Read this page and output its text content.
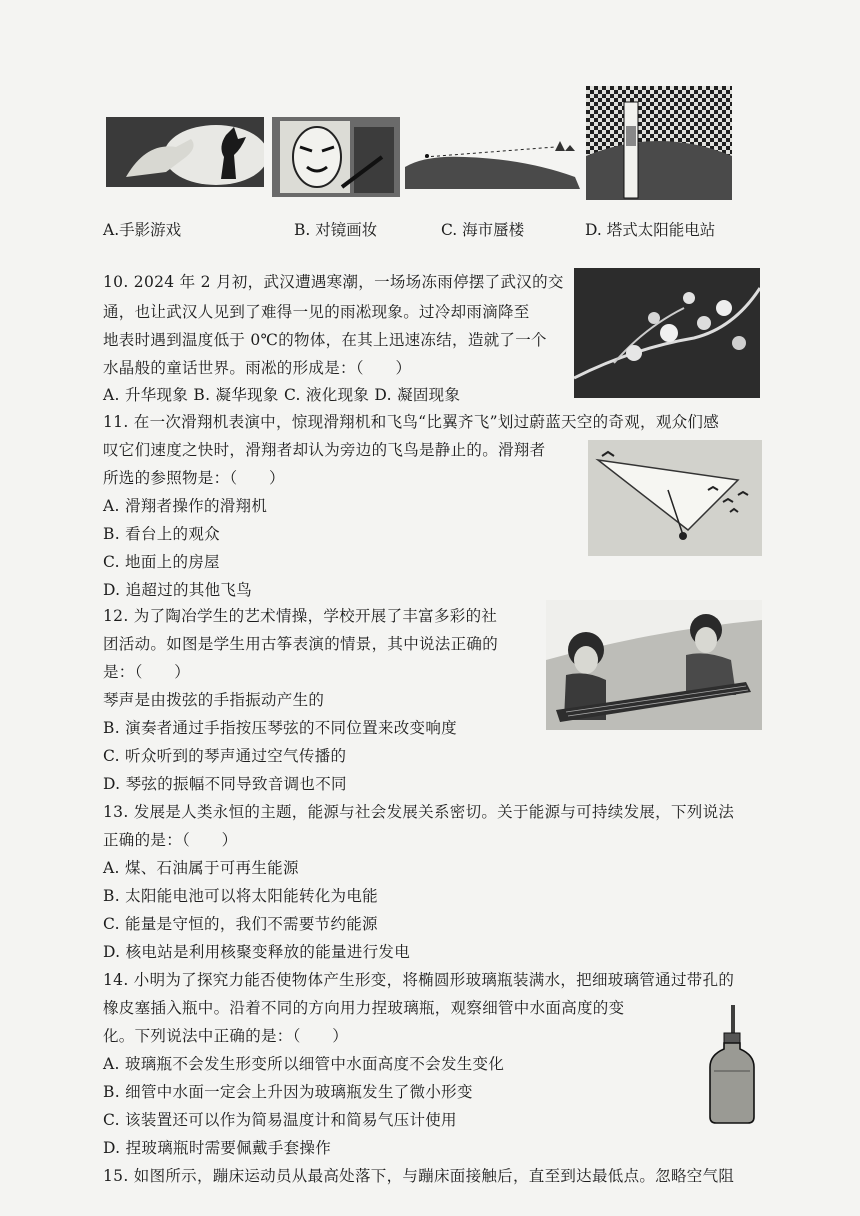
A.手影游戏	B. 对镜画妆	C. 海市蜃楼	D. 塔式太阳能电站
10. 2024 年 2 月初，武汉遭遇寒潮，一场场冻雨停摆了武汉的交
通，也让武汉人见到了难得一见的雨凇现象。过冷却雨滴降至
地表时遇到温度低于 0℃的物体，在其上迅速冻结，造就了一个
水晶般的童话世界。雨凇的形成是：（　　）
A. 升华现象 B. 凝华现象 C. 液化现象 D. 凝固现象
11. 在一次滑翔机表演中，惊现滑翔机和飞鸟“比翼齐飞”划过蔚蓝天空的奇观，观众们感
叹它们速度之快时，滑翔者却认为旁边的飞鸟是静止的。滑翔者
所选的参照物是：（　　）
A. 滑翔者操作的滑翔机
B. 看台上的观众
C. 地面上的房屋
D. 追超过的其他飞鸟
12. 为了陶冶学生的艺术情操，学校开展了丰富多彩的社
团活动。如图是学生用古筝表演的情景，其中说法正确的
是：（　　）
琴声是由拨弦的手指振动产生的
B. 演奏者通过手指按压琴弦的不同位置来改变响度
C. 听众听到的琴声通过空气传播的
D. 琴弦的振幅不同导致音调也不同
13. 发展是人类永恒的主题，能源与社会发展关系密切。关于能源与可持续发展，下列说法
正确的是：（　　）
A. 煤、石油属于可再生能源
B. 太阳能电池可以将太阳能转化为电能
C. 能量是守恒的，我们不需要节约能源
D. 核电站是利用核聚变释放的能量进行发电
14. 小明为了探究力能否使物体产生形变，将椭圆形玻璃瓶装满水，把细玻璃管通过带孔的
橡皮塞插入瓶中。沿着不同的方向用力捏玻璃瓶，观察细管中水面高度的变
化。下列说法中正确的是：（　　）
A. 玻璃瓶不会发生形变所以细管中水面高度不会发生变化
B. 细管中水面一定会上升因为玻璃瓶发生了微小形变
C. 该装置还可以作为简易温度计和简易气压计使用
D. 捏玻璃瓶时需要佩戴手套操作
15. 如图所示，蹦床运动员从最高处落下，与蹦床面接触后，直至到达最低点。忽略空气阻
